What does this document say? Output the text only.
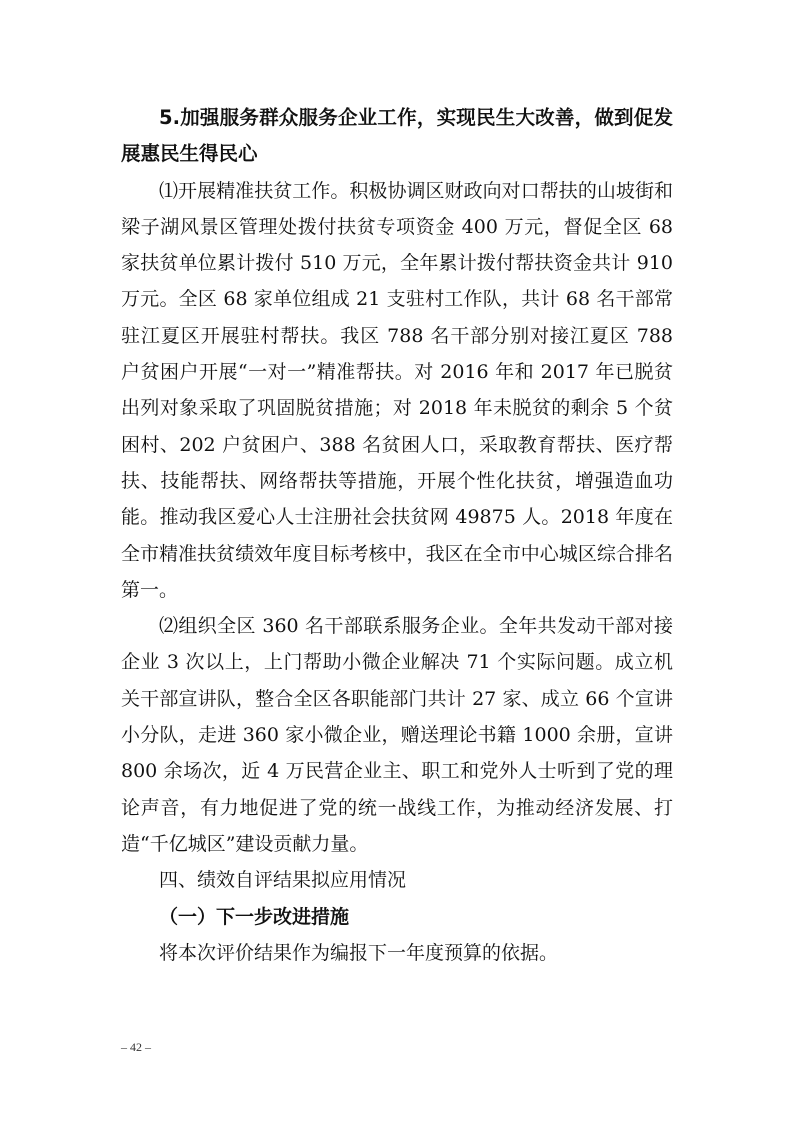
5.加强服务群众服务企业工作，实现民生大改善，做到促发展惠民生得民心

⑴开展精准扶贫工作。积极协调区财政向对口帮扶的山坡街和梁子湖风景区管理处拨付扶贫专项资金 400 万元，督促全区 68 家扶贫单位累计拨付 510 万元，全年累计拨付帮扶资金共计 910 万元。全区 68 家单位组成 21 支驻村工作队，共计 68 名干部常驻江夏区开展驻村帮扶。我区 788 名干部分别对接江夏区 788 户贫困户开展“一对一”精准帮扶。对 2016 年和 2017 年已脱贫出列对象采取了巩固脱贫措施；对 2018 年未脱贫的剩余 5 个贫困村、202 户贫困户、388 名贫困人口，采取教育帮扶、医疗帮扶、技能帮扶、网络帮扶等措施，开展个性化扶贫，增强造血功能。推动我区爱心人士注册社会扶贫网 49875 人。2018 年度在全市精准扶贫绩效年度目标考核中，我区在全市中心城区综合排名第一。

⑵组织全区 360 名干部联系服务企业。全年共发动干部对接企业 3 次以上，上门帮助小微企业解决 71 个实际问题。成立机关干部宣讲队，整合全区各职能部门共计 27 家、成立 66 个宣讲小分队，走进 360 家小微企业，赠送理论书籍 1000 余册，宣讲 800 余场次，近 4 万民营企业主、职工和党外人士听到了党的理论声音，有力地促进了党的统一战线工作，为推动经济发展、打造“千亿城区”建设贡献力量。

四、绩效自评结果拟应用情况

（一）下一步改进措施

将本次评价结果作为编报下一年度预算的依据。

– 42 –
